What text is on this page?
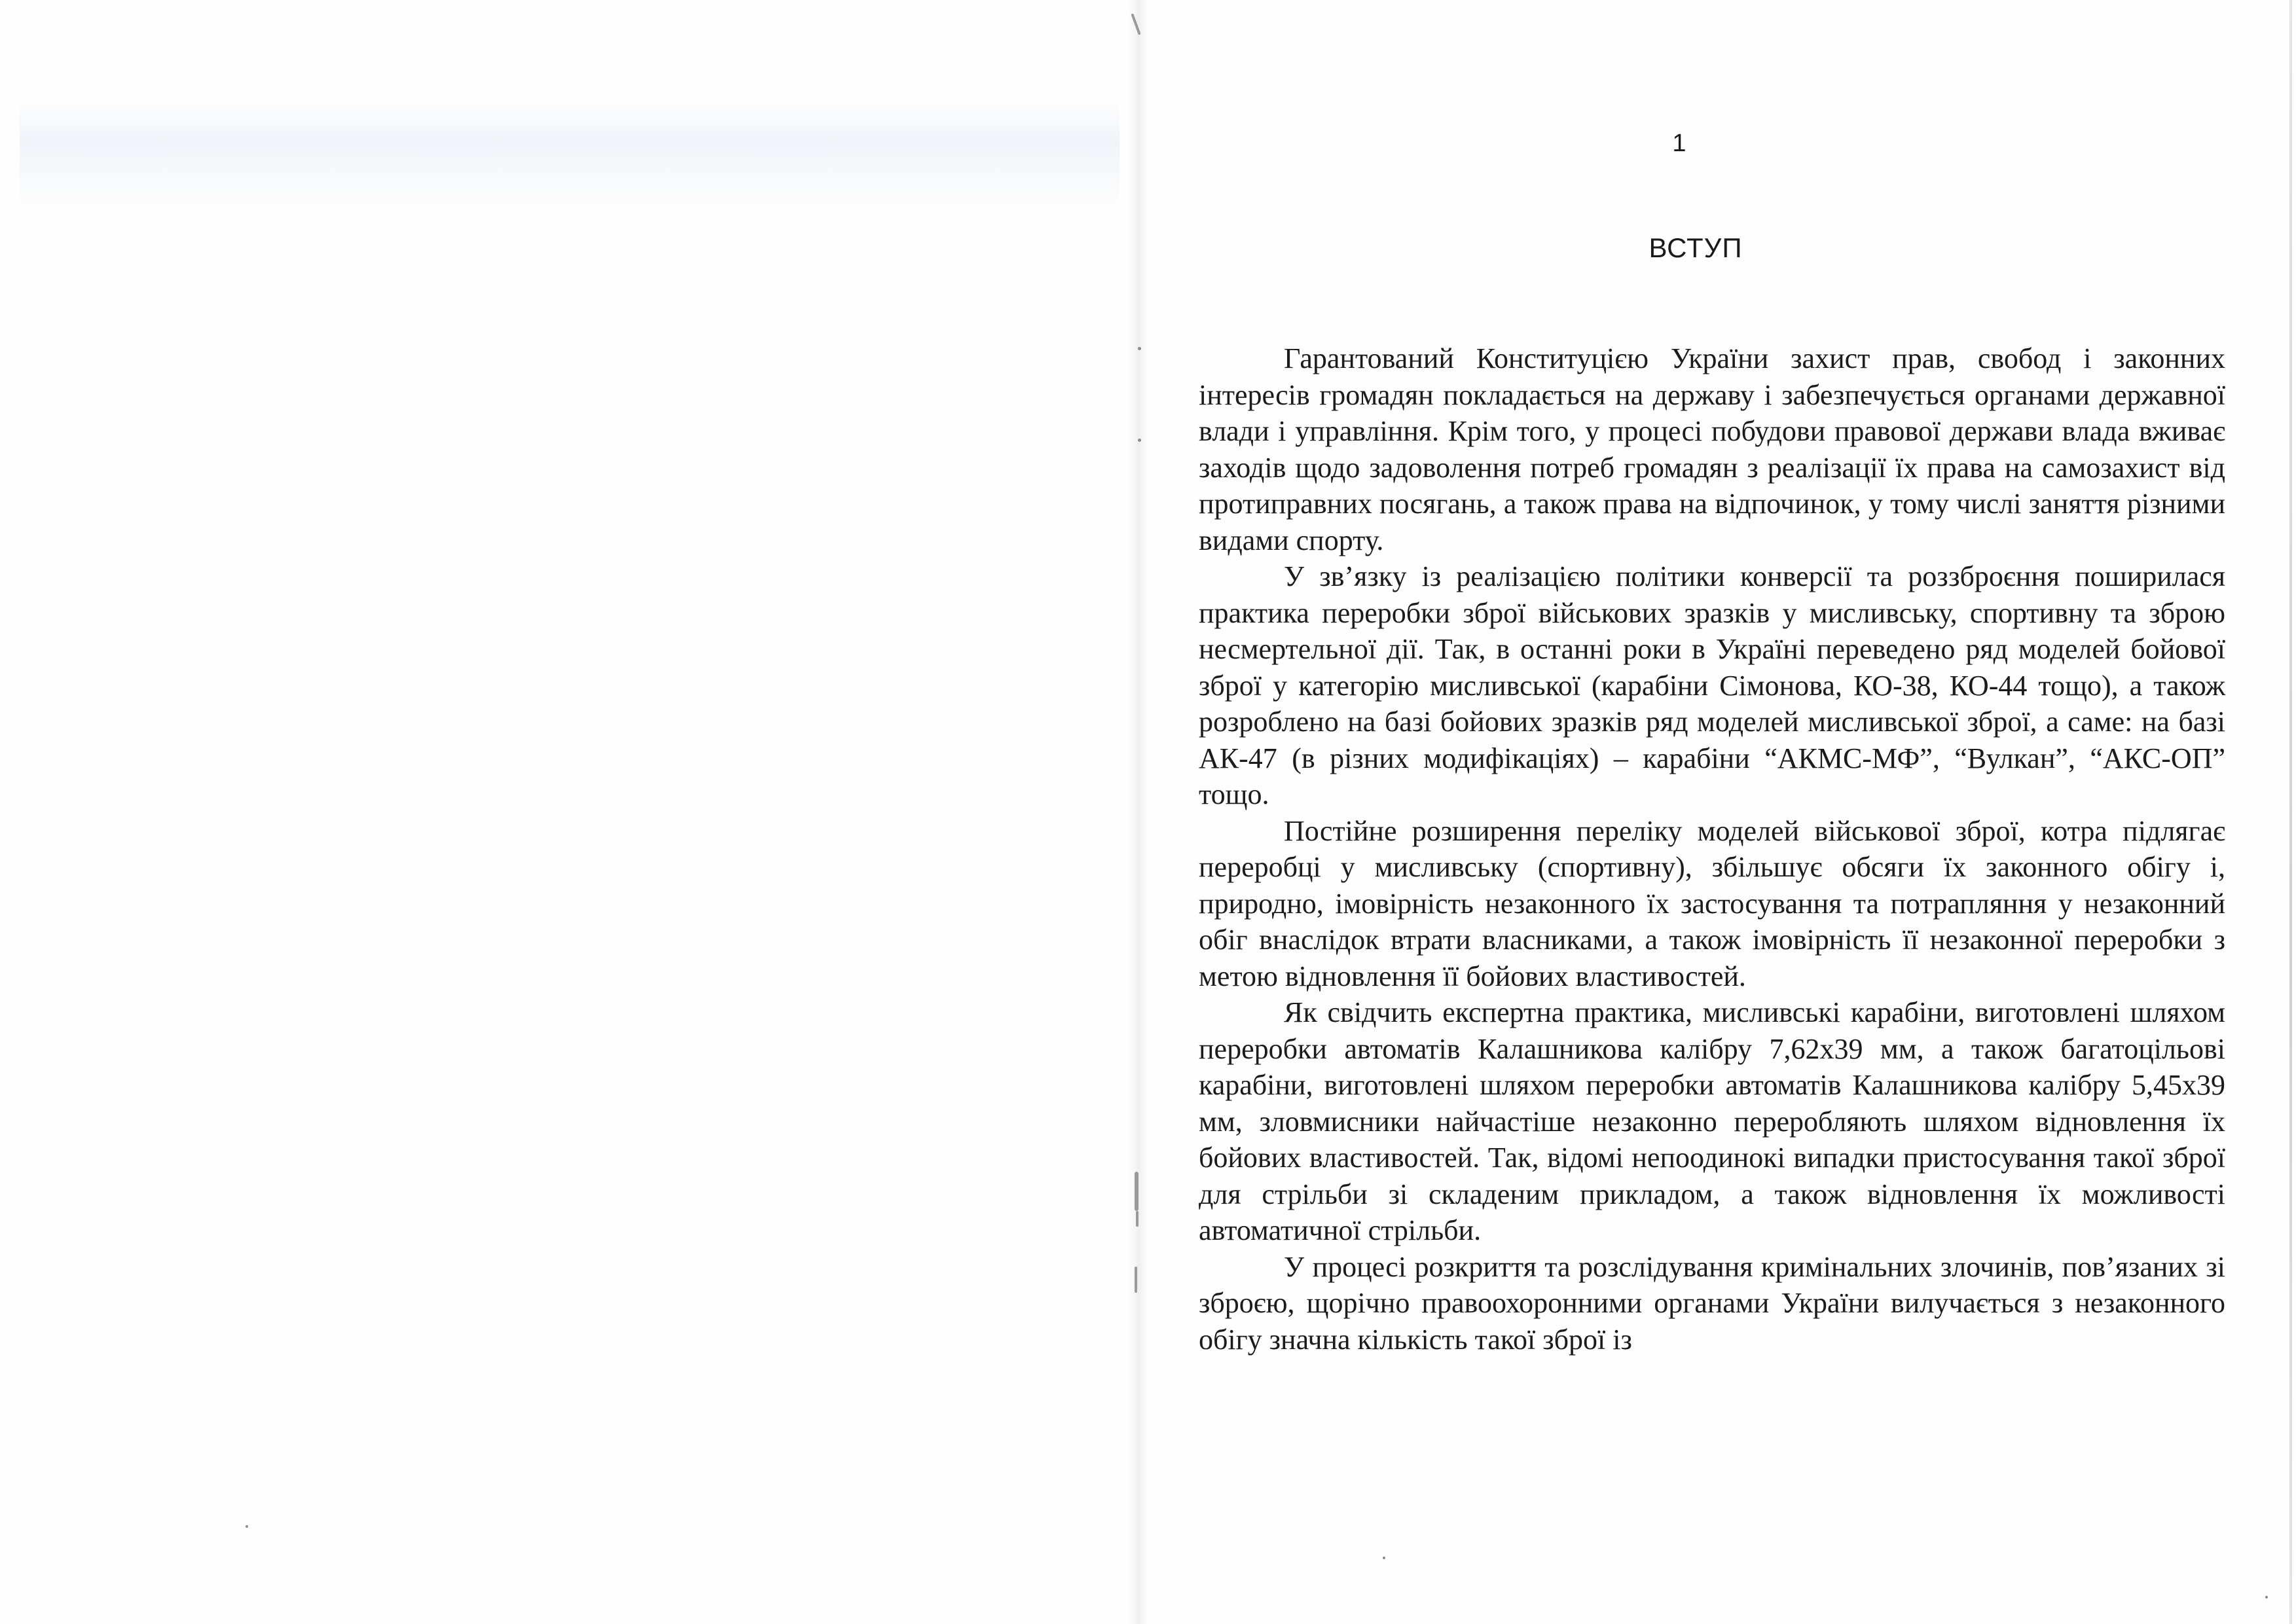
1
ВСТУП

Гарантований Конституцією України захист прав, свобод і законних інтересів громадян покладається на державу і забезпечується органами державної влади і управління. Крім того, у процесі побудови правової держави влада вживає заходів щодо задоволення потреб громадян з реалізації їх права на самозахист від протиправних посягань, а також права на відпочинок, у тому числі заняття різними видами спорту.

У зв’язку із реалізацією політики конверсії та роззброєння поширилася практика переробки зброї військових зразків у мисливську, спортивну та зброю несмертельної дії. Так, в останні роки в Україні переведено ряд моделей бойової зброї у категорію мисливської (карабіни Сімонова, КО-38, КО-44 тощо), а також розроблено на базі бойових зразків ряд моделей мисливської зброї, а саме: на базі АК-47 (в різних модифікаціях) – карабіни “АКМС-МФ”, “Вулкан”, “АКС-ОП” тощо.

Постійне розширення переліку моделей військової зброї, котра підлягає переробці у мисливську (спортивну), збільшує обсяги їх законного обігу і, природно, імовірність незаконного їх застосування та потрапляння у незаконний обіг внаслідок втрати власниками, а також імовірність її незаконної переробки з метою відновлення її бойових властивостей.

Як свідчить експертна практика, мисливські карабіни, виготовлені шляхом переробки автоматів Калашникова калібру 7,62х39 мм, а також багатоцільові карабіни, виготовлені шляхом переробки автоматів Калашникова калібру 5,45х39 мм, зловмисники найчастіше незаконно переробляють шляхом відновлення їх бойових властивостей. Так, відомі непоодинокі випадки пристосування такої зброї для стрільби зі складеним прикладом, а також відновлення їх можливості автоматичної стрільби.

У процесі розкриття та розслідування кримінальних злочинів, пов’язаних зі зброєю, щорічно правоохоронними органами України вилучається з незаконного обігу значна кількість такої зброї із
